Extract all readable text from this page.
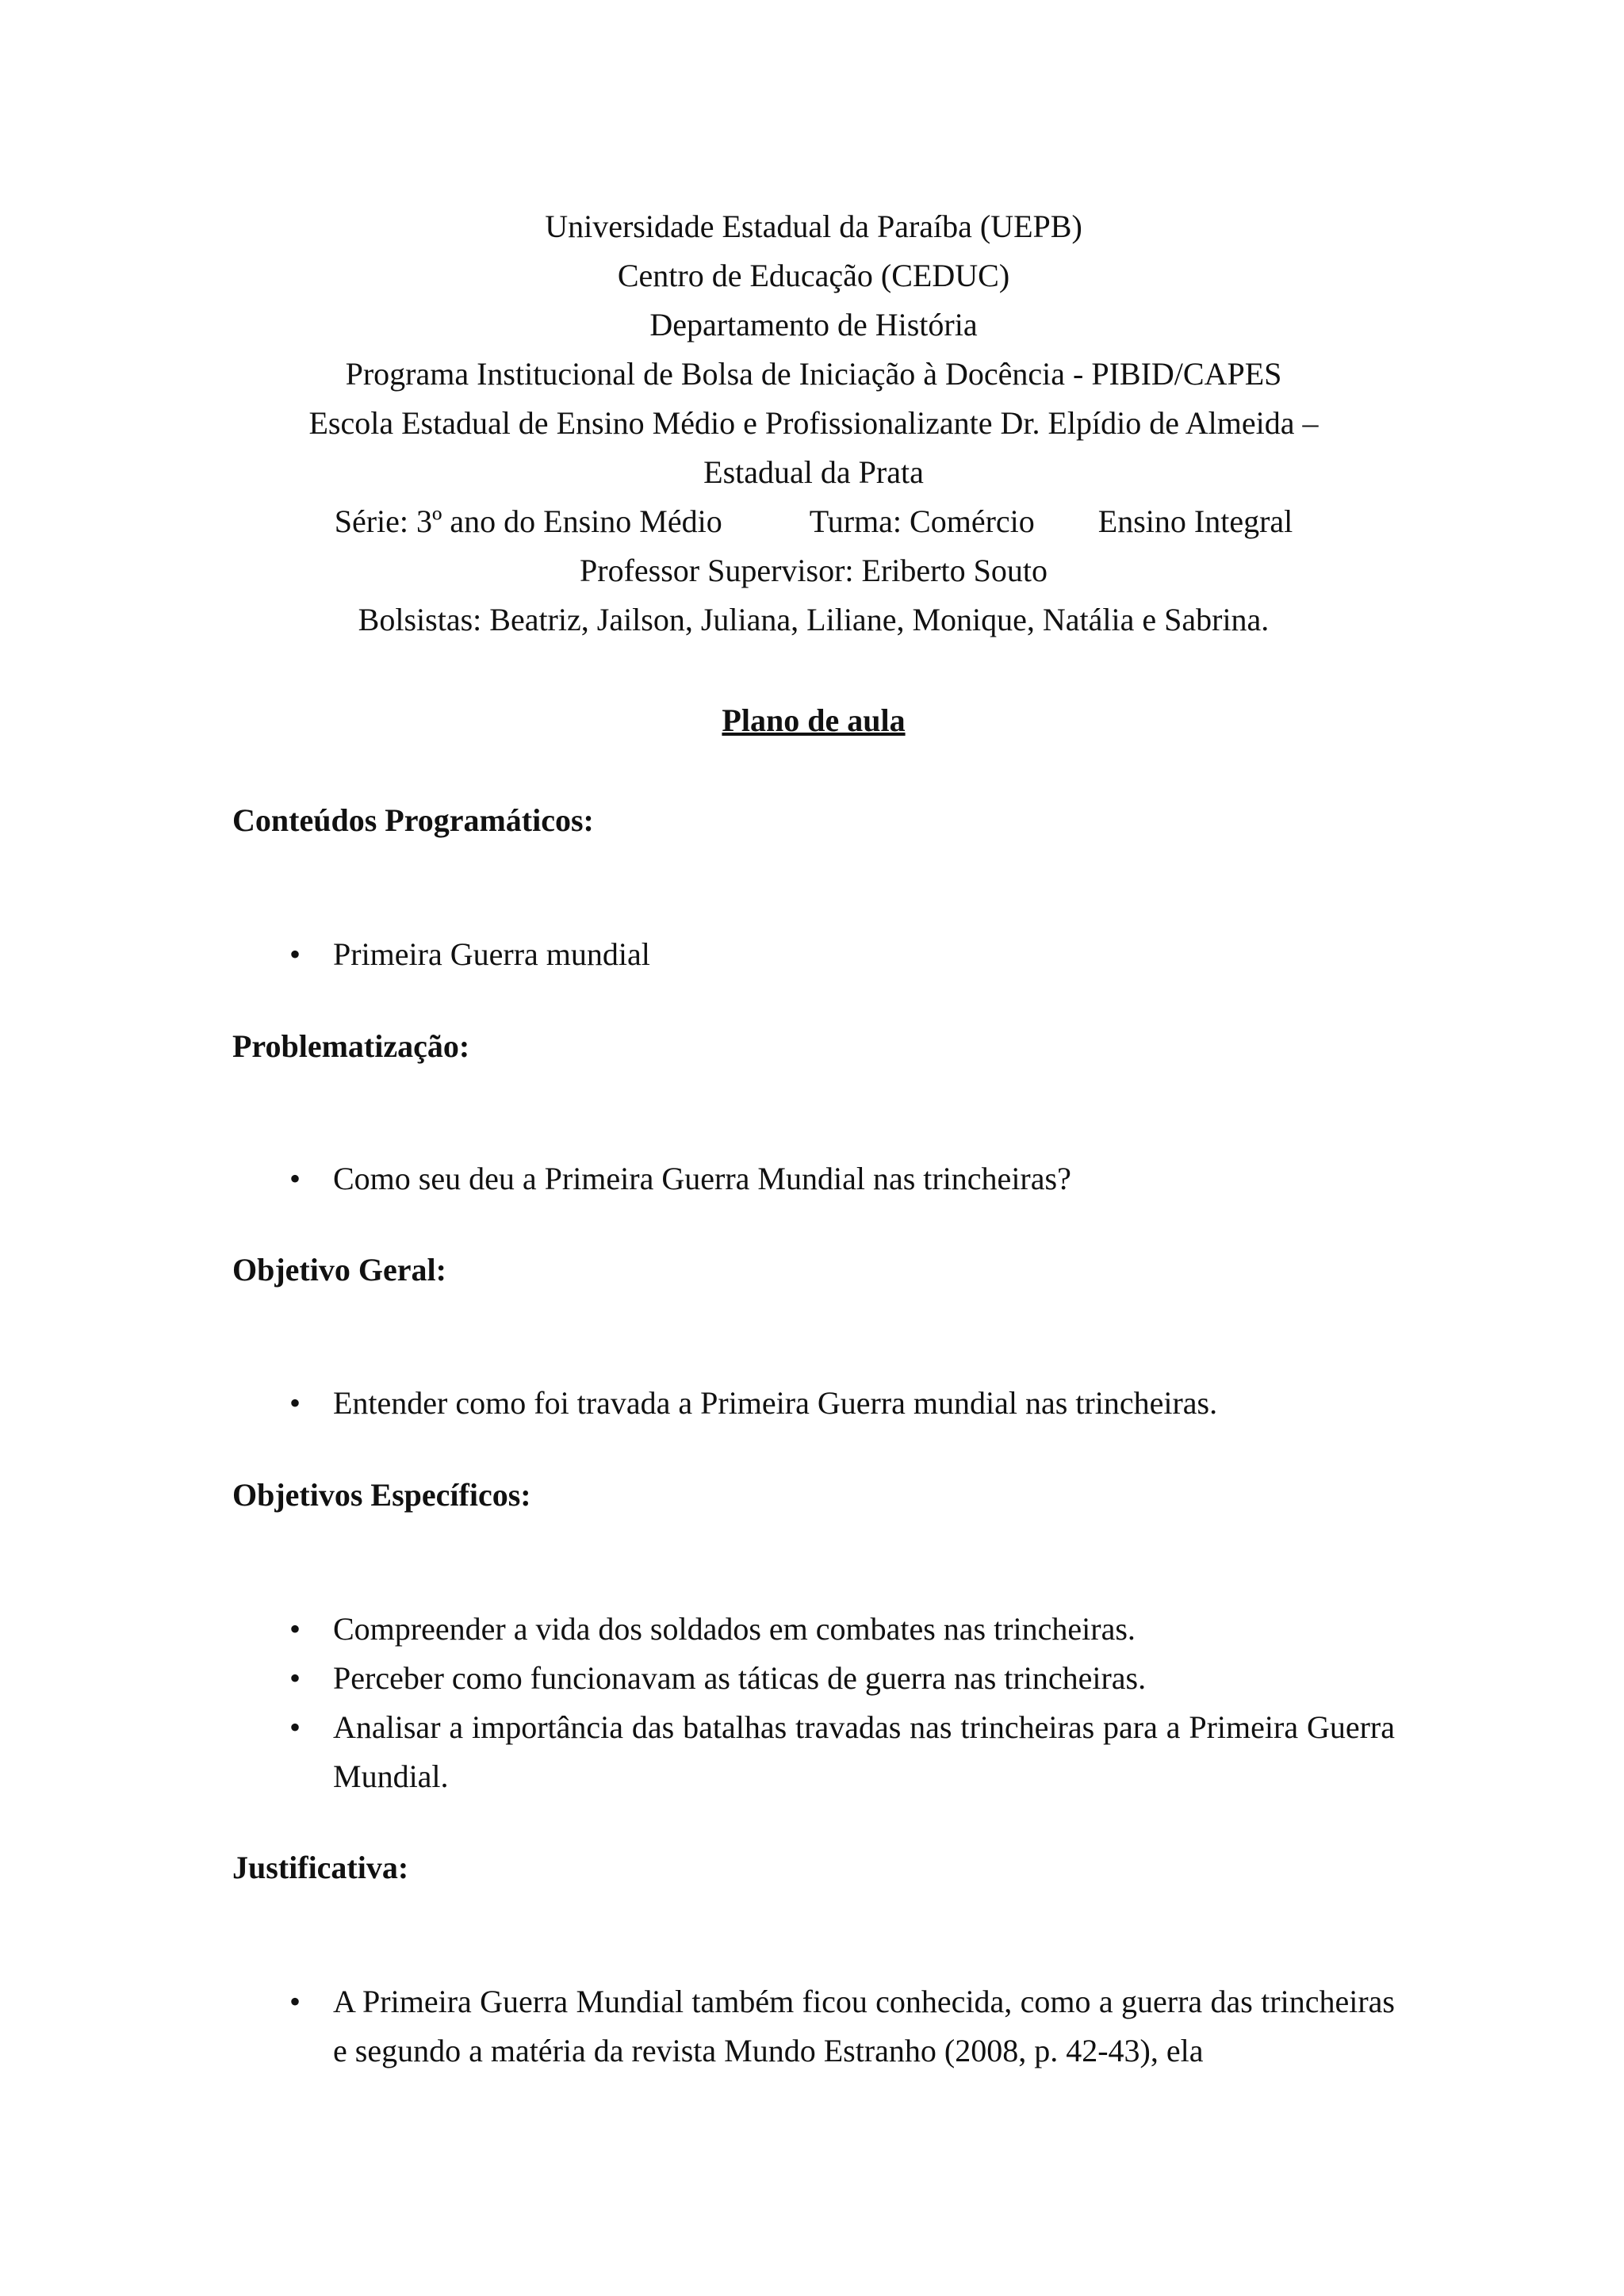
Universidade Estadual da Paraíba (UEPB)
Centro de Educação (CEDUC)
Departamento de História
Programa Institucional de Bolsa de Iniciação à Docência - PIBID/CAPES
Escola Estadual de Ensino Médio e Profissionalizante Dr. Elpídio de Almeida –
Estadual da Prata
Série: 3º ano do Ensino Médio	Turma: Comércio Ensino Integral
Professor Supervisor: Eriberto Souto
Bolsistas: Beatriz, Jailson, Juliana, Liliane, Monique, Natália e Sabrina.
Plano de aula
Conteúdos Programáticos:
• Primeira Guerra mundial
Problematização:
• Como seu deu a Primeira Guerra Mundial nas trincheiras?
Objetivo Geral:
• Entender como foi travada a Primeira Guerra mundial nas trincheiras.
Objetivos Específicos:
• Compreender a vida dos soldados em combates nas trincheiras.
• Perceber como funcionavam as táticas de guerra nas trincheiras.
• Analisar a importância das batalhas travadas nas trincheiras para a Primeira Guerra Mundial.
Justificativa:
• A Primeira Guerra Mundial também ficou conhecida, como a guerra das trincheiras e segundo a matéria da revista Mundo Estranho (2008, p. 42-43), ela
